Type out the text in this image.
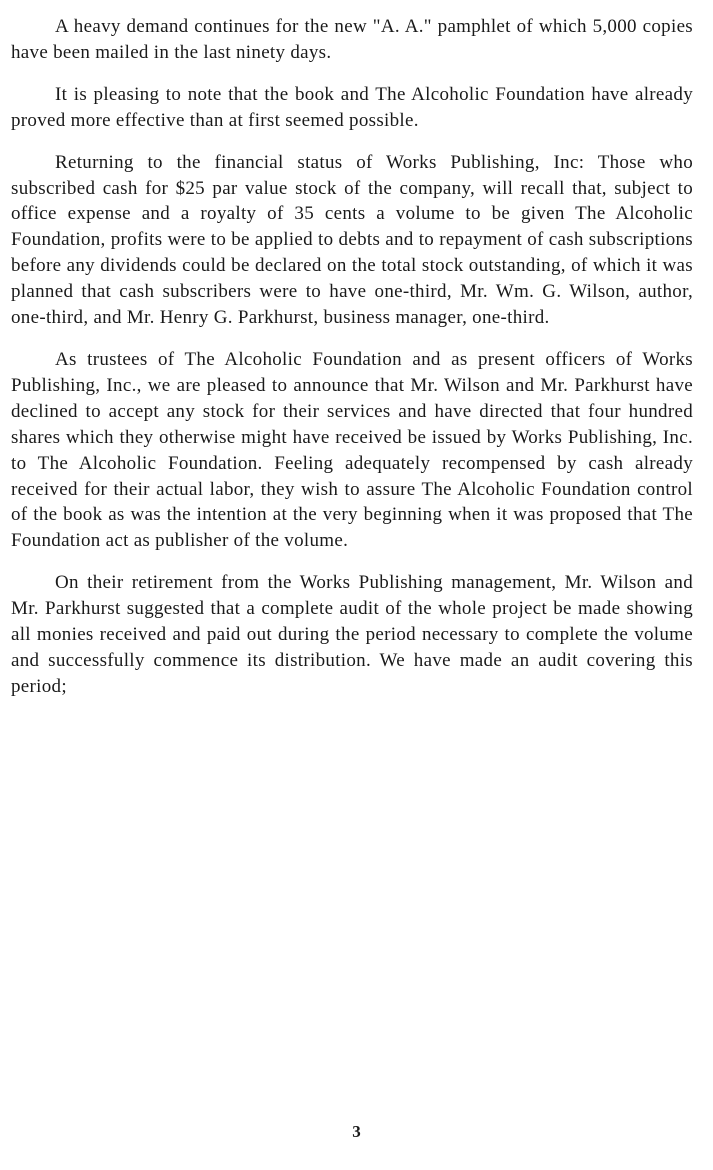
A heavy demand continues for the new "A. A." pamphlet of which 5,000 copies have been mailed in the last ninety days.

It is pleasing to note that the book and The Alcoholic Foundation have already proved more effective than at first seemed possible.

Returning to the financial status of Works Publishing, Inc: Those who subscribed cash for $25 par value stock of the company, will recall that, subject to office expense and a royalty of 35 cents a volume to be given The Alcoholic Foundation, profits were to be applied to debts and to repayment of cash subscriptions before any dividends could be declared on the total stock outstanding, of which it was planned that cash subscribers were to have one-third, Mr. Wm. G. Wilson, author, one-third, and Mr. Henry G. Parkhurst, business manager, one-third.

As trustees of The Alcoholic Foundation and as present officers of Works Publishing, Inc., we are pleased to announce that Mr. Wilson and Mr. Parkhurst have declined to accept any stock for their services and have directed that four hundred shares which they otherwise might have received be issued by Works Publishing, Inc. to The Alcoholic Foundation. Feeling adequately recompensed by cash already received for their actual labor, they wish to assure The Alcoholic Foundation control of the book as was the intention at the very beginning when it was proposed that The Foundation act as publisher of the volume.

On their retirement from the Works Publishing management, Mr. Wilson and Mr. Parkhurst suggested that a complete audit of the whole project be made showing all monies received and paid out during the period necessary to complete the volume and successfully commence its distribution. We have made an audit covering this period;

3
